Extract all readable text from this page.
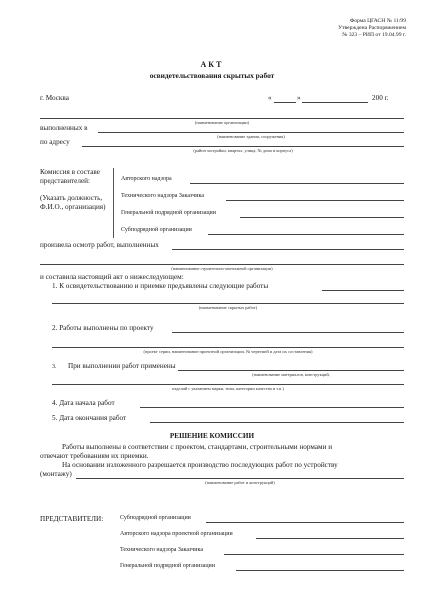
Форма ЦГАСН № 11/99
Утверждена Распоряжением
№ 323 – РИП от 19.04.99 г.
АКТ
освидетельствования скрытых работ
г. Москва	«	»	200 г.
(наименование организации)
выполненных в
(наименование здания, сооружения)
по адресу
(район застройки, квартал, улица, № дома и корпуса)
Комиссия в составе
представителей:
(Указать должность,
Ф.И.О., организация)
Авторского надзора
Технического надзора Заказчика
Генеральной подрядной организации
Субподрядной организации
произвела осмотр работ, выполненных
(наименование строительно-монтажной организации)
и составила настоящий акт о нижеследующем:
1. К освидетельствованию и приемке предъявлены следующие работы
(наименование скрытых работ)
2. Работы выполнены по проекту
(проект серии, наименование проектной организации, № чертежей и дата их составления)
3. При выполнении работ применены
(наименование материалов, конструкций,
изделий с указанием марки, типа, категории качества и т.п.)
4. Дата начала работ
5. Дата окончания работ
РЕШЕНИЕ КОМИССИИ
Работы выполнены в соответствии с проектом, стандартами, строительными нормами и
отвечают требованиям их приемки.
На основании изложенного разрешается производство последующих работ по устройству
(монтажу)
(наименование работ и конструкций)
ПРЕДСТАВИТЕЛИ:	Субподрядной организации
Авторского надзора проектной организации
Технического надзора Заказчика
Генеральной подрядной организации
